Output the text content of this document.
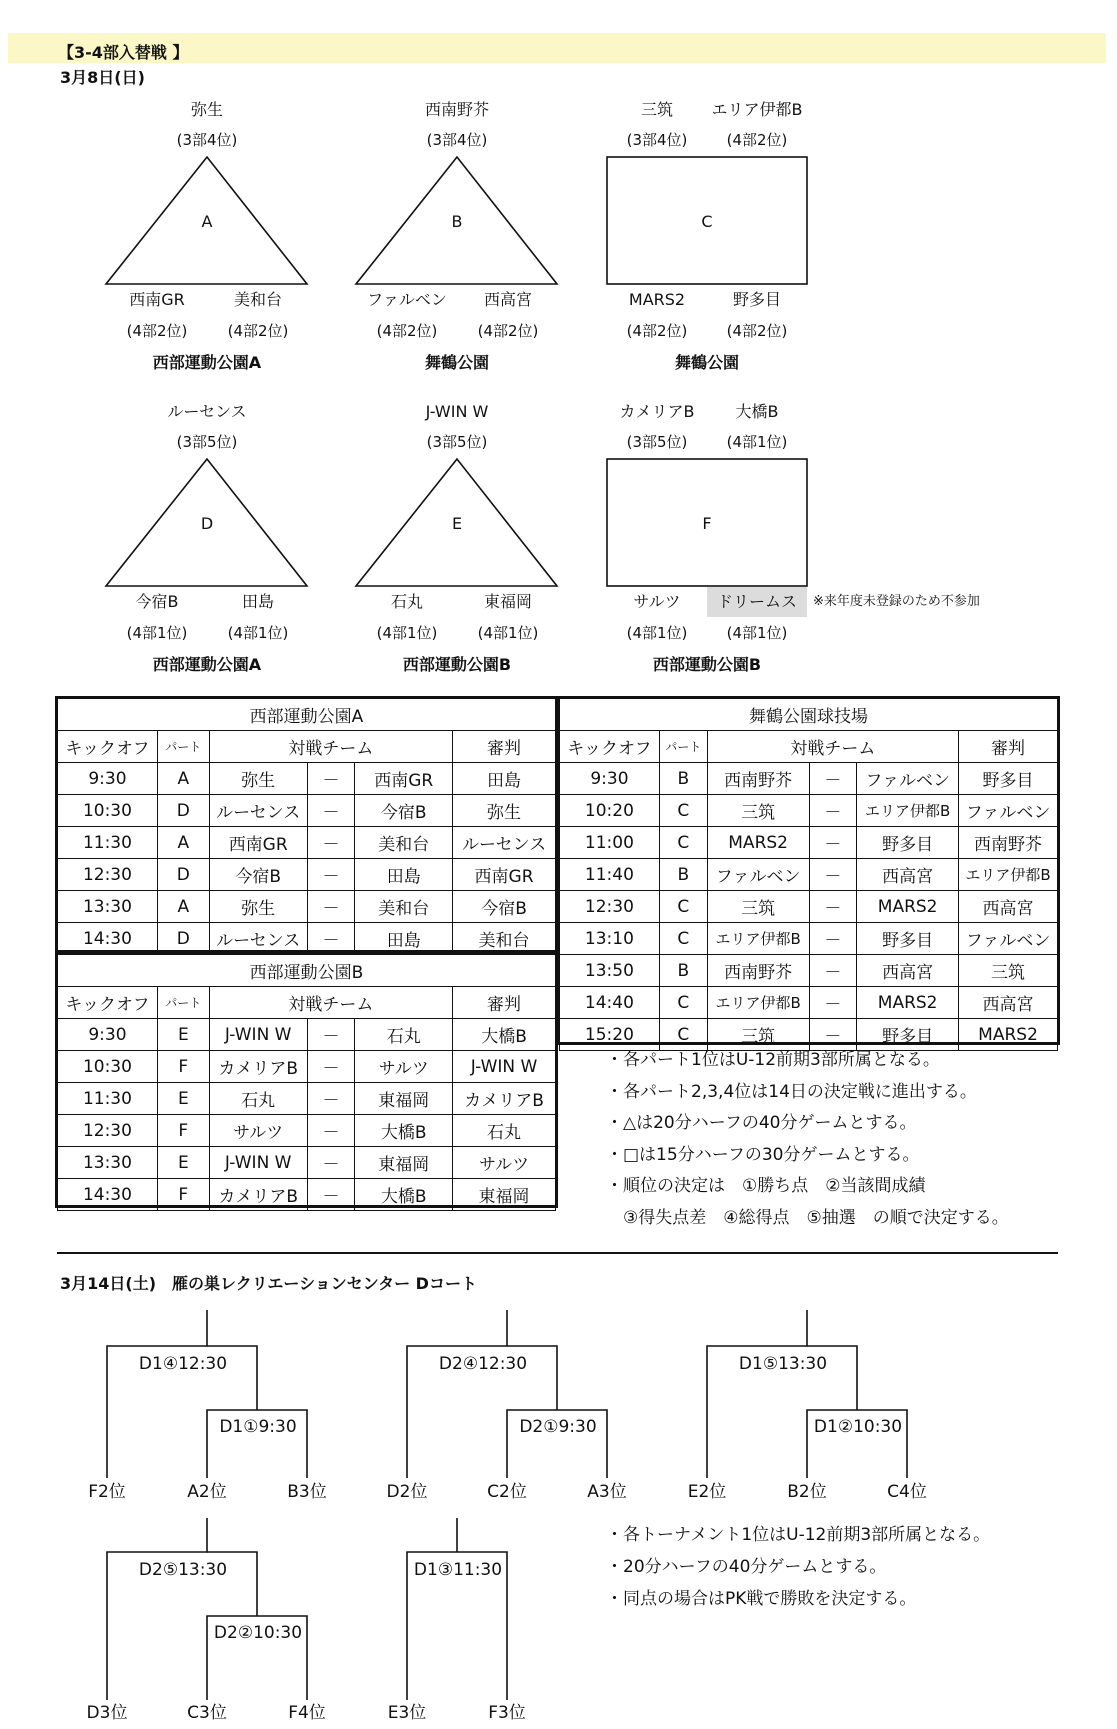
【3-4部入替戦 】
3月8日(日)
弥生
(3部4位)
A
西南GR	美和台
(4部2位)	(4部2位)
西部運動公園A
西南野芥
(3部4位)
B
ファルベン 西高宮
(4部2位)	(4部2位)
舞鶴公園
三筑 エリア伊都B
(3部4位)	(4部2位)
C
MARS2	野多目
(4部2位)	(4部2位)
舞鶴公園
ルーセンス
(3部5位)
D
今宿B	田島
(4部1位)	(4部1位)
西部運動公園A
J-WIN W
(3部5位)
E
石丸	東福岡
(4部1位)	(4部1位)
西部運動公園B
カメリアB	大橋B
(3部5位)	(4部1位)
F
サルツ ドリームス ※来年度未登録のため不参加
(4部1位)	(4部1位)
西部運動公園B
西部運動公園A					
キックオフ	パート	対戦チーム			審判
9:30	A	弥生	－	西南GR	田島
10:30	D	ルーセンス	－	今宿B	弥生
11:30	A	西南GR	－	美和台	ルーセンス
12:30	D	今宿B	－	田島	西南GR
13:30	A	弥生	－	美和台	今宿B
14:30	D	ルーセンス	－	田島	美和台
西部運動公園B					
キックオフ	パート	対戦チーム			審判
9:30	E	J-WIN W	－	石丸	大橋B
10:30	F	カメリアB	－	サルツ	J-WIN W
11:30	E	石丸	－	東福岡	カメリアB
12:30	F	サルツ	－	大橋B	石丸
13:30	E	J-WIN W	－	東福岡	サルツ
14:30	F	カメリアB	－	大橋B	東福岡
舞鶴公園球技場					
キックオフ	パート	対戦チーム			審判
9:30	B	西南野芥	－	ファルベン	野多目
10:20	C	三筑	－	エリア伊都B	ファルベン
11:00	C	MARS2	－	野多目	西南野芥
11:40	B	ファルベン	－	西高宮	エリア伊都B
12:30	C	三筑	－	MARS2	西高宮
13:10	C	エリア伊都B	－	野多目	ファルベン
13:50	B	西南野芥	－	西高宮	三筑
14:40	C	エリア伊都B	－	MARS2	西高宮
15:20	C	三筑	－	野多目	MARS2
・各パート1位はU-12前期3部所属となる。
・各パート2,3,4位は14日の決定戦に進出する。
・△は20分ハーフの40分ゲームとする。
・□は15分ハーフの30分ゲームとする。
・順位の決定は　①勝ち点　②当該間成績
　③得失点差　④総得点　⑤抽選　の順で決定する。
3月14日(土)　雁の巣レクリエーションセンター Dコート
D1④12:30
D1①9:30
F2位	A2位	B3位
D2④12:30
D2①9:30
D2位	C2位	A3位
D1⑤13:30
D1②10:30
E2位	B2位	C4位
D2⑤13:30
D2②10:30
D3位	C3位	F4位
D1③11:30
E3位	F3位
・各トーナメント1位はU-12前期3部所属となる。
・20分ハーフの40分ゲームとする。
・同点の場合はPK戦で勝敗を決定する。
